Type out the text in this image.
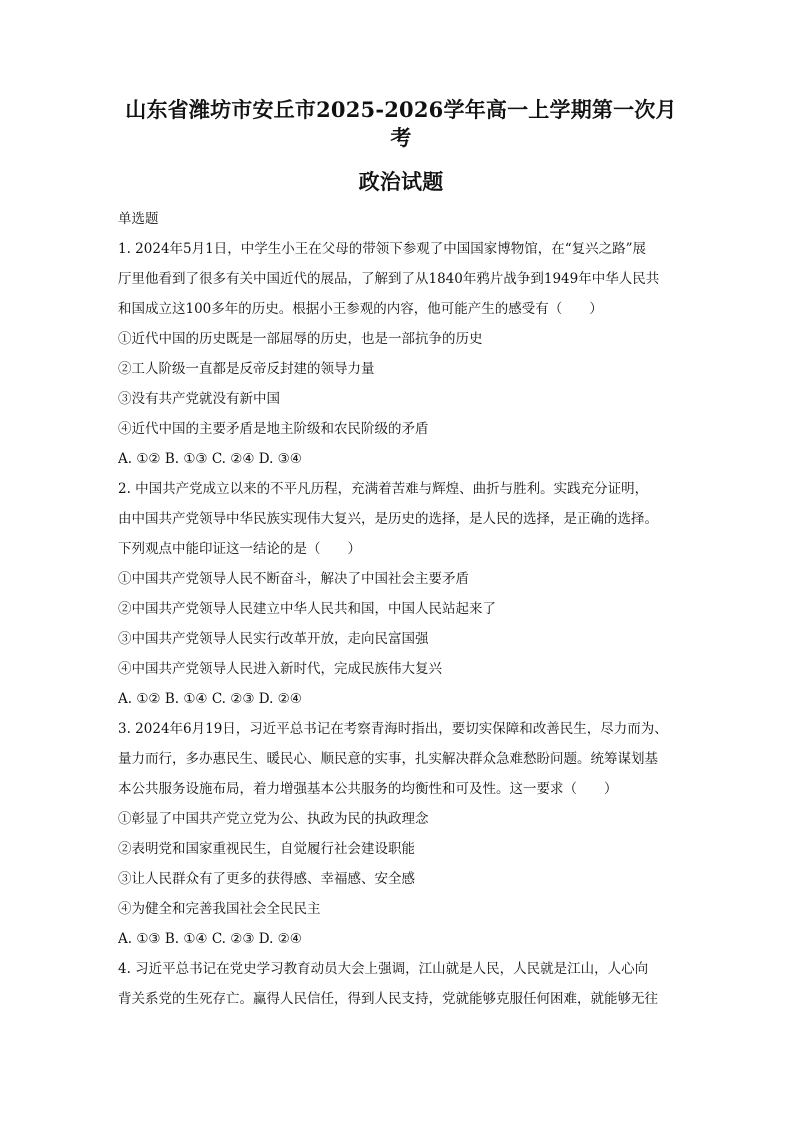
山东省潍坊市安丘市2025-2026学年高一上学期第一次月考
政治试题
单选题
1. 2024年5月1日，中学生小王在父母的带领下参观了中国国家博物馆，在“复兴之路”展
厅里他看到了很多有关中国近代的展品，了解到了从1840年鸦片战争到1949年中华人民共
和国成立这100多年的历史。根据小王参观的内容，他可能产生的感受有（　　）
①近代中国的历史既是一部屈辱的历史，也是一部抗争的历史
②工人阶级一直都是反帝反封建的领导力量
③没有共产党就没有新中国
④近代中国的主要矛盾是地主阶级和农民阶级的矛盾
A. ①② B. ①③ C. ②④ D. ③④
2. 中国共产党成立以来的不平凡历程，充满着苦难与辉煌、曲折与胜利。实践充分证明，
由中国共产党领导中华民族实现伟大复兴，是历史的选择，是人民的选择，是正确的选择。
下列观点中能印证这一结论的是（　　）
①中国共产党领导人民不断奋斗，解决了中国社会主要矛盾
②中国共产党领导人民建立中华人民共和国，中国人民站起来了
③中国共产党领导人民实行改革开放，走向民富国强
④中国共产党领导人民进入新时代，完成民族伟大复兴
A. ①② B. ①④ C. ②③ D. ②④
3. 2024年6月19日，习近平总书记在考察青海时指出，要切实保障和改善民生，尽力而为、
量力而行，多办惠民生、暖民心、顺民意的实事，扎实解决群众急难愁盼问题。统筹谋划基
本公共服务设施布局，着力增强基本公共服务的均衡性和可及性。这一要求（　　）
①彰显了中国共产党立党为公、执政为民的执政理念
②表明党和国家重视民生，自觉履行社会建设职能
③让人民群众有了更多的获得感、幸福感、安全感
④为健全和完善我国社会全民民主
A. ①③ B. ①④ C. ②③ D. ②④
4. 习近平总书记在党史学习教育动员大会上强调，江山就是人民，人民就是江山，人心向
背关系党的生死存亡。赢得人民信任，得到人民支持，党就能够克服任何困难，就能够无往
